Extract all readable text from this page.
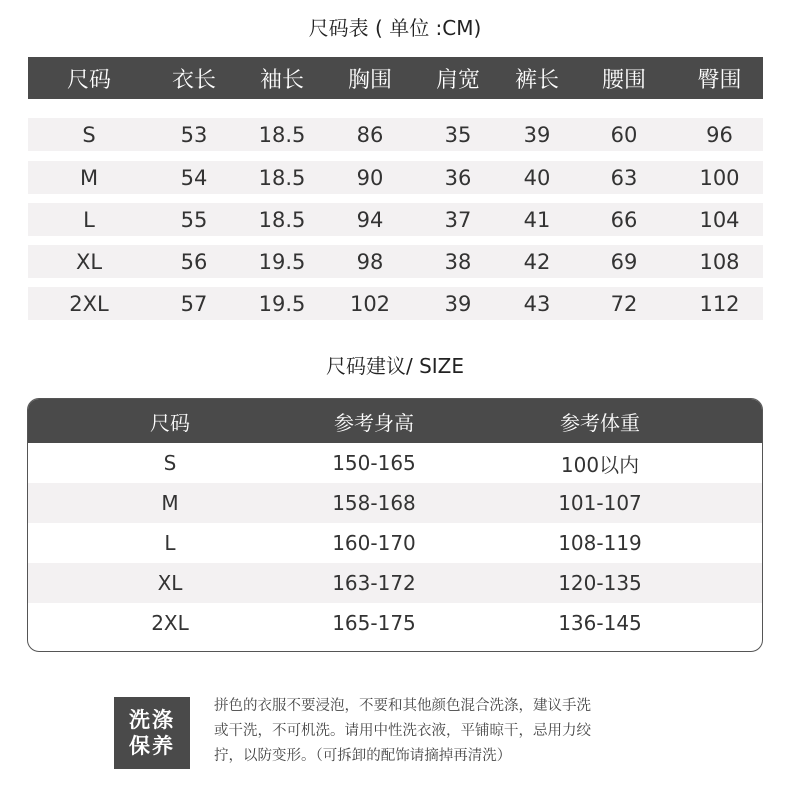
尺码表 ( 单位 :CM)
尺码	衣长	袖长	胸围	肩宽	裤长	腰围	臀围
S	53	18.5	86	35	39	60	96
M	54	18.5	90	36	40	63	100
L	55	18.5	94	37	41	66	104
XL	56	19.5	98	38	42	69	108
2XL	57	19.5	102	39	43	72	112
尺码建议/ SIZE
尺码	参考身高	参考体重
S	150-165	100以内
M	158-168	101-107
L	160-170	108-119
XL	163-172	120-135
2XL	165-175	136-145
洗涤
保养
拼色的衣服不要浸泡，不要和其他颜色混合洗涤，建议手洗
或干洗，不可机洗。请用中性洗衣液，平铺晾干，忌用力绞
拧，以防变形。（可拆卸的配饰请摘掉再清洗）
